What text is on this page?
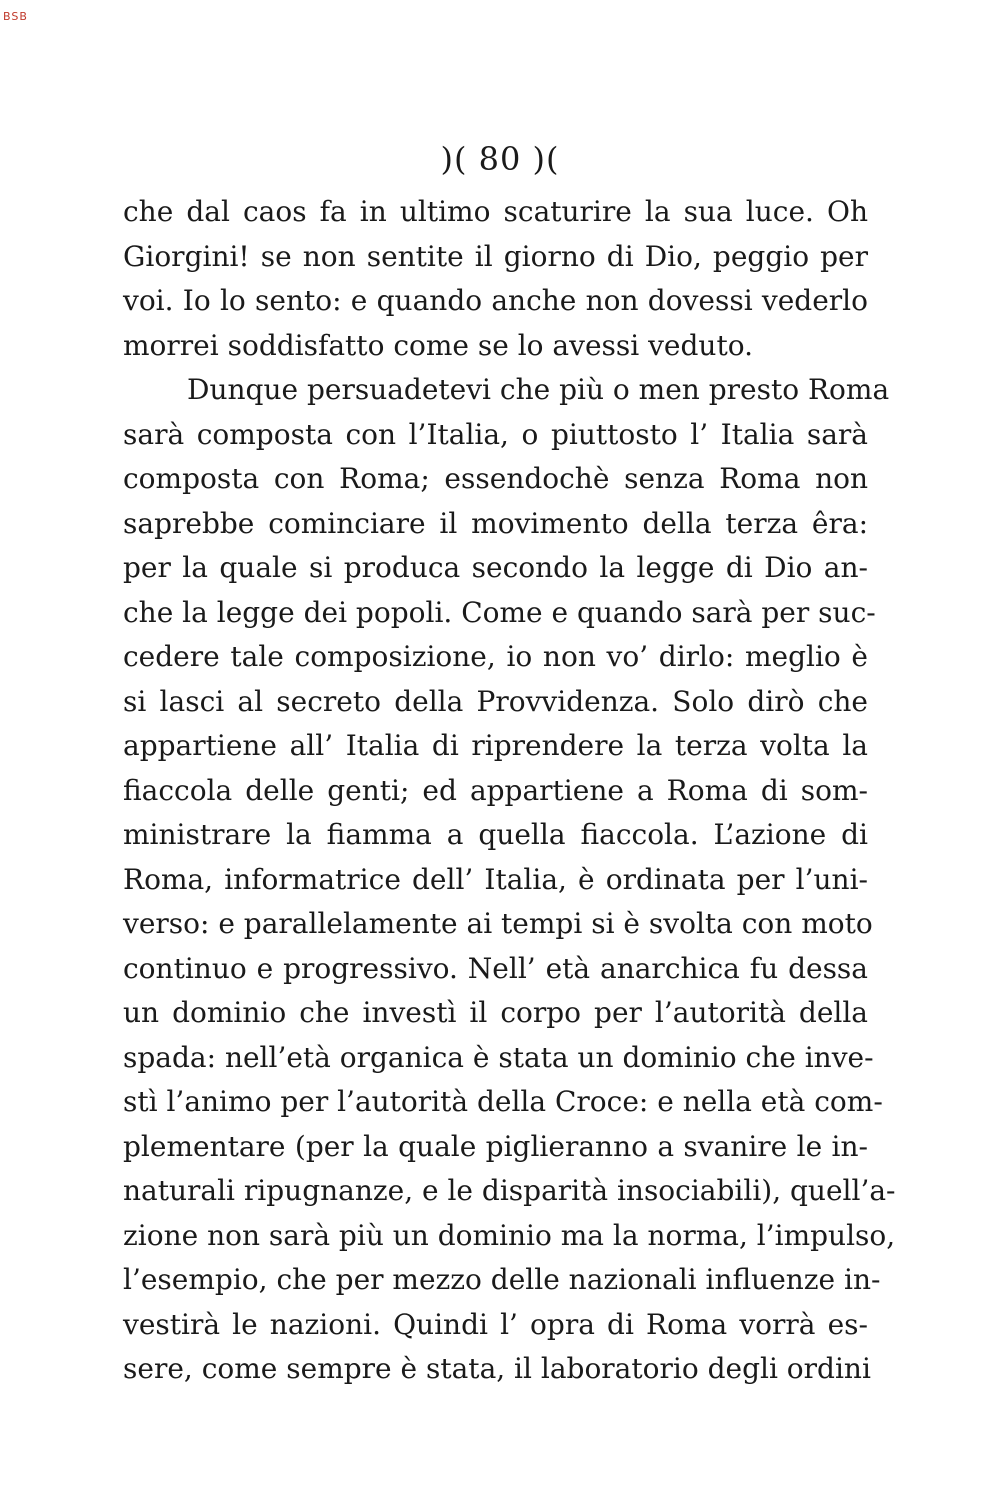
BSB
)( 80 )(
che dal caos fa in ultimo scaturire la sua luce. Oh
Giorgini! se non sentite il giorno di Dio, peggio per
voi. Io lo sento: e quando anche non dovessi vederlo
morrei soddisfatto come se lo avessi veduto.
Dunque persuadetevi che più o men presto Roma
sarà composta con l’Italia, o piuttosto l’ Italia sarà
composta con Roma; essendochè senza Roma non
saprebbe cominciare il movimento della terza êra:
per la quale si produca secondo la legge di Dio an-
che la legge dei popoli. Come e quando sarà per suc-
cedere tale composizione, io non vo’ dirlo: meglio è
si lasci al secreto della Provvidenza. Solo dirò che
appartiene all’ Italia di riprendere la terza volta la
fiaccola delle genti; ed appartiene a Roma di som-
ministrare la fiamma a quella fiaccola. L’azione di
Roma, informatrice dell’ Italia, è ordinata per l’uni-
verso: e parallelamente ai tempi si è svolta con moto
continuo e progressivo. Nell’ età anarchica fu dessa
un dominio che investì il corpo per l’autorità della
spada: nell’età organica è stata un dominio che inve-
stì l’animo per l’autorità della Croce: e nella età com-
plementare (per la quale piglieranno a svanire le in-
naturali ripugnanze, e le disparità insociabili), quell’a-
zione non sarà più un dominio ma la norma, l’impulso,
l’esempio, che per mezzo delle nazionali influenze in-
vestirà le nazioni. Quindi l’ opra di Roma vorrà es-
sere, come sempre è stata, il laboratorio degli ordini
